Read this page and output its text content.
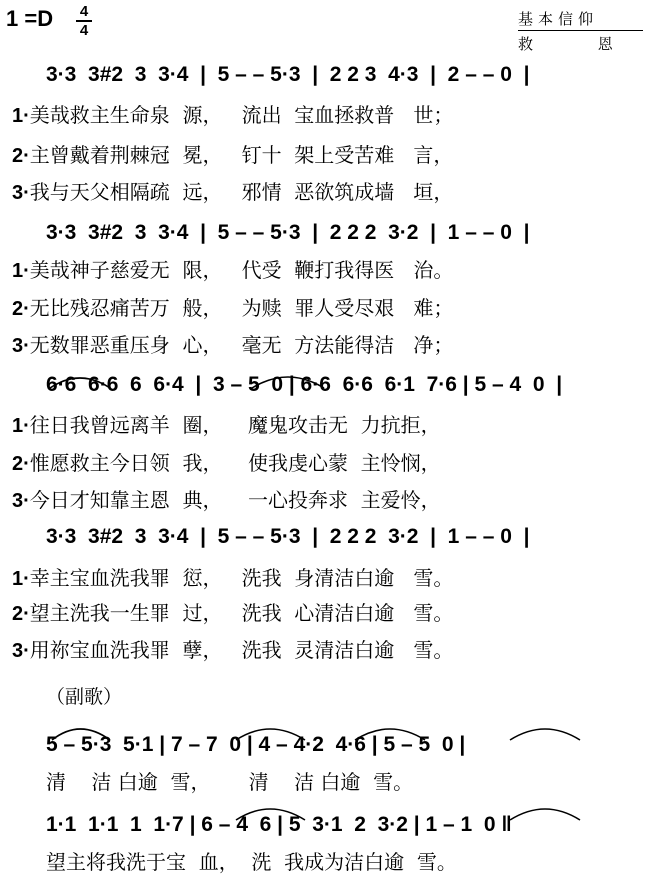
1 =D 4
4
基本信仰
救 恩
3·3  3#2  3  3·4  |  5 – – 5·3  |  2 2 3  4·3  |  2 – – 0  |
1·美哉救主生命泉  源，   流出  宝血拯救普   世；
2·主曾戴着荆棘冠  冕，   钉十  架上受苦难   言，
3·我与天父相隔疏  远，   邪情  恶欲筑成墙   垣，
3·3  3#2  3  3·4  |  5 – – 5·3  |  2 2 2  3·2  |  1 – – 0  |
1·美哉神子慈爱无  限，   代受  鞭打我得医   治。
2·无比残忍痛苦万  般，   为赎  罪人受尽艰   难；
3·无数罪恶重压身  心，   毫无  方法能得洁   净；
6·6  6·6  6  6·4  |  3 – 5  0 | 6·6  6·6  6·1  7·6 | 5 – 4  0  |
1·往日我曾远离羊  圈，    魔鬼攻击无  力抗拒，
2·惟愿救主今日领  我，    使我虔心蒙  主怜悯，
3·今日才知靠主恩  典，    一心投奔求  主爱怜，
3·3  3#2  3  3·4  |  5 – – 5·3  |  2 2 2  3·2  |  1 – – 0  |
1·幸主宝血洗我罪  愆，   洗我  身清洁白逾   雪。
2·望主洗我一生罪  过，   洗我  心清洁白逾   雪。
3·用祢宝血洗我罪  孽，   洗我  灵清洁白逾   雪。
（副歌）
5 – 5·3  5·1 | 7 – 7  0 | 4 – 4·2  4·6 | 5 – 5  0 |
清    洁 白逾  雪，      清    洁 白逾  雪。
1·1  1·1  1  1·7 | 6 – 4  6 | 5  3·1  2  3·2 | 1 – 1  0 ‖
望主将我洗于宝  血，  洗  我成为洁白逾  雪。
